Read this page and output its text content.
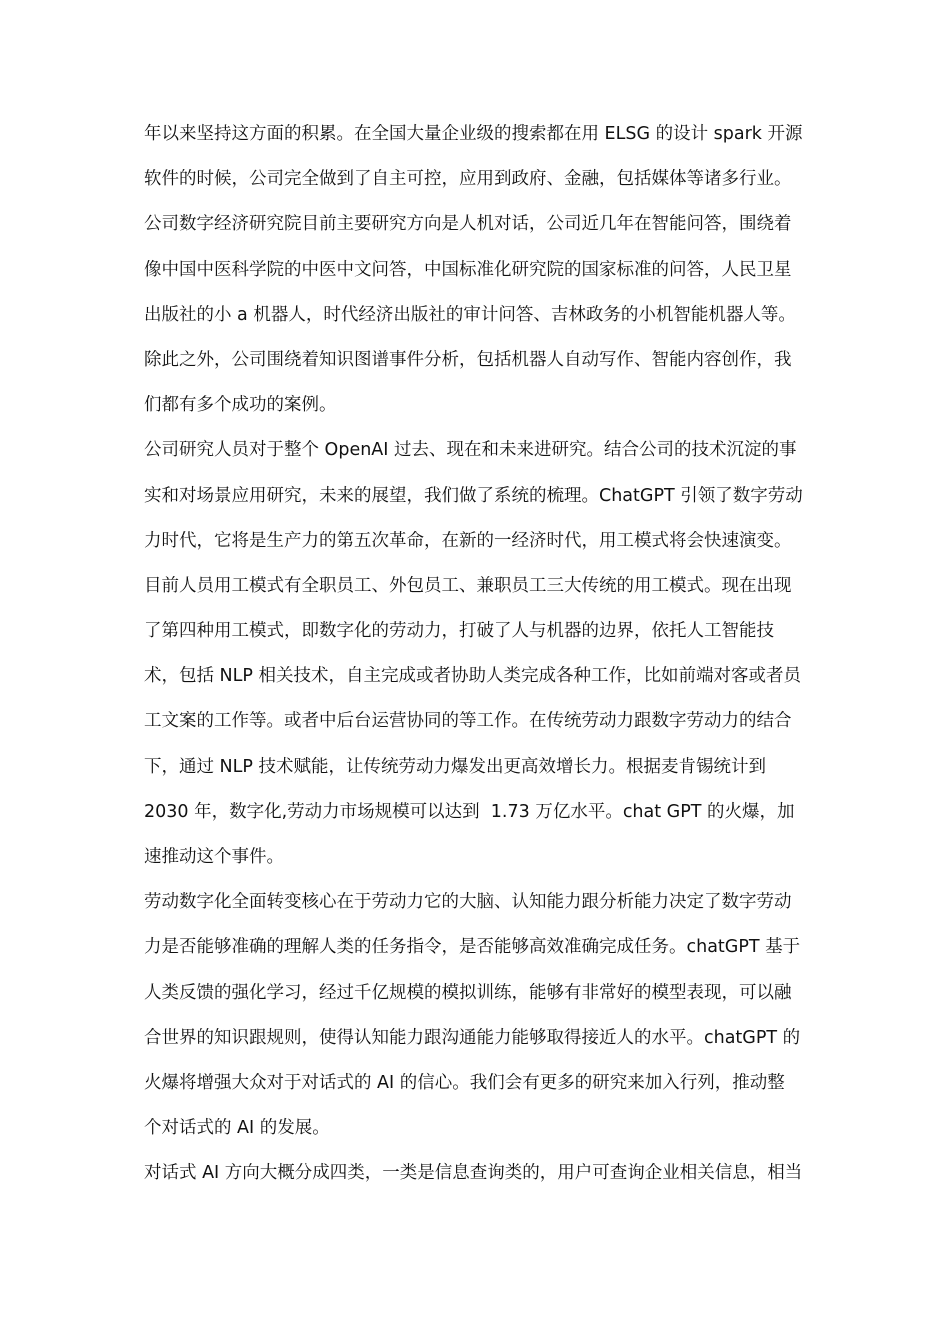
年以来坚持这方面的积累。在全国大量企业级的搜索都在用 ELSG 的设计 spark 开源
软件的时候，公司完全做到了自主可控，应用到政府、金融，包括媒体等诸多行业。
公司数字经济研究院目前主要研究方向是人机对话，公司近几年在智能问答，围绕着
像中国中医科学院的中医中文问答，中国标准化研究院的国家标准的问答，人民卫星
出版社的小 a 机器人，时代经济出版社的审计问答、吉林政务的小机智能机器人等。
除此之外，公司围绕着知识图谱事件分析，包括机器人自动写作、智能内容创作，我
们都有多个成功的案例。
公司研究人员对于整个 OpenAI 过去、现在和未来进研究。结合公司的技术沉淀的事
实和对场景应用研究，未来的展望，我们做了系统的梳理。ChatGPT 引领了数字劳动
力时代，它将是生产力的第五次革命，在新的一经济时代，用工模式将会快速演变。
目前人员用工模式有全职员工、外包员工、兼职员工三大传统的用工模式。现在出现
了第四种用工模式，即数字化的劳动力，打破了人与机器的边界，依托人工智能技
术，包括 NLP 相关技术，自主完成或者协助人类完成各种工作，比如前端对客或者员
工文案的工作等。或者中后台运营协同的等工作。在传统劳动力跟数字劳动力的结合
下，通过 NLP 技术赋能，让传统劳动力爆发出更高效增长力。根据麦肯锡统计到
2030 年，数字化,劳动力市场规模可以达到  1.73 万亿水平。chat GPT 的火爆，加
速推动这个事件。
劳动数字化全面转变核心在于劳动力它的大脑、认知能力跟分析能力决定了数字劳动
力是否能够准确的理解人类的任务指令，是否能够高效准确完成任务。chatGPT 基于
人类反馈的强化学习，经过千亿规模的模拟训练，能够有非常好的模型表现，可以融
合世界的知识跟规则，使得认知能力跟沟通能力能够取得接近人的水平。chatGPT 的
火爆将增强大众对于对话式的 AI 的信心。我们会有更多的研究来加入行列，推动整
个对话式的 AI 的发展。
对话式 AI 方向大概分成四类，一类是信息查询类的，用户可查询企业相关信息，相当
